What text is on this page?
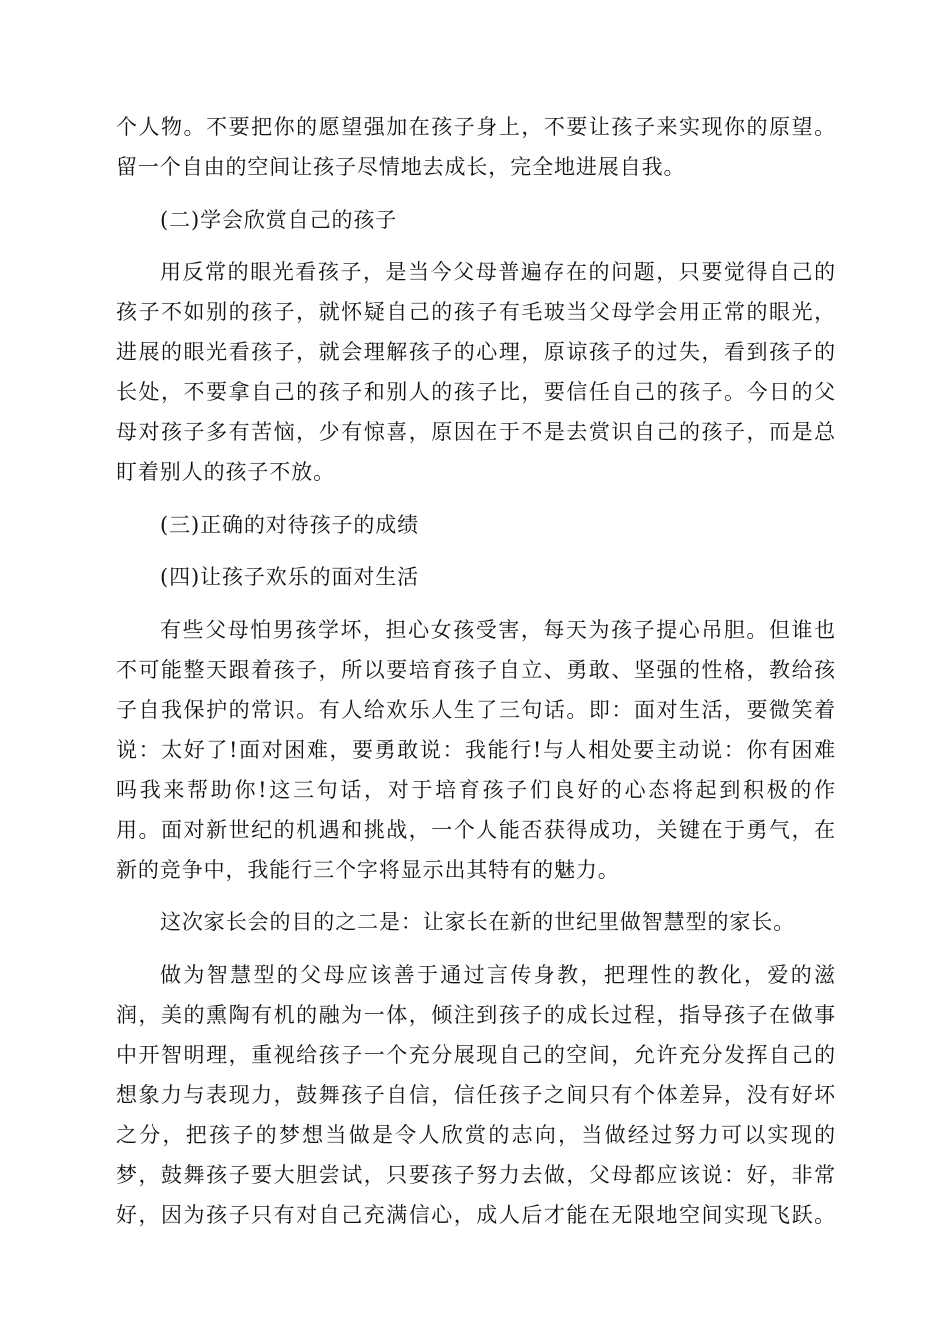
个人物。不要把你的愿望强加在孩子身上，不要让孩子来实现你的原望。

留一个自由的空间让孩子尽情地去成长，完全地进展自我。

(二)学会欣赏自己的孩子

用反常的眼光看孩子，是当今父母普遍存在的问题，只要觉得自己的

孩子不如别的孩子，就怀疑自己的孩子有毛玻当父母学会用正常的眼光，

进展的眼光看孩子，就会理解孩子的心理，原谅孩子的过失，看到孩子的

长处，不要拿自己的孩子和别人的孩子比，要信任自己的孩子。今日的父

母对孩子多有苦恼，少有惊喜，原因在于不是去赏识自己的孩子，而是总

盯着别人的孩子不放。

(三)正确的对待孩子的成绩

(四)让孩子欢乐的面对生活

有些父母怕男孩学坏，担心女孩受害，每天为孩子提心吊胆。但谁也

不可能整天跟着孩子，所以要培育孩子自立、勇敢、坚强的性格，教给孩

子自我保护的常识。有人给欢乐人生了三句话。即：面对生活，要微笑着

说：太好了!面对困难，要勇敢说：我能行!与人相处要主动说：你有困难

吗我来帮助你!这三句话，对于培育孩子们良好的心态将起到积极的作

用。面对新世纪的机遇和挑战，一个人能否获得成功，关键在于勇气，在

新的竞争中，我能行三个字将显示出其特有的魅力。

这次家长会的目的之二是：让家长在新的世纪里做智慧型的家长。

做为智慧型的父母应该善于通过言传身教，把理性的教化，爱的滋

润，美的熏陶有机的融为一体，倾注到孩子的成长过程，指导孩子在做事

中开智明理，重视给孩子一个充分展现自己的空间，允许充分发挥自己的

想象力与表现力，鼓舞孩子自信，信任孩子之间只有个体差异，没有好坏

之分，把孩子的梦想当做是令人欣赏的志向，当做经过努力可以实现的

梦，鼓舞孩子要大胆尝试，只要孩子努力去做，父母都应该说：好，非常

好，因为孩子只有对自己充满信心，成人后才能在无限地空间实现飞跃。
